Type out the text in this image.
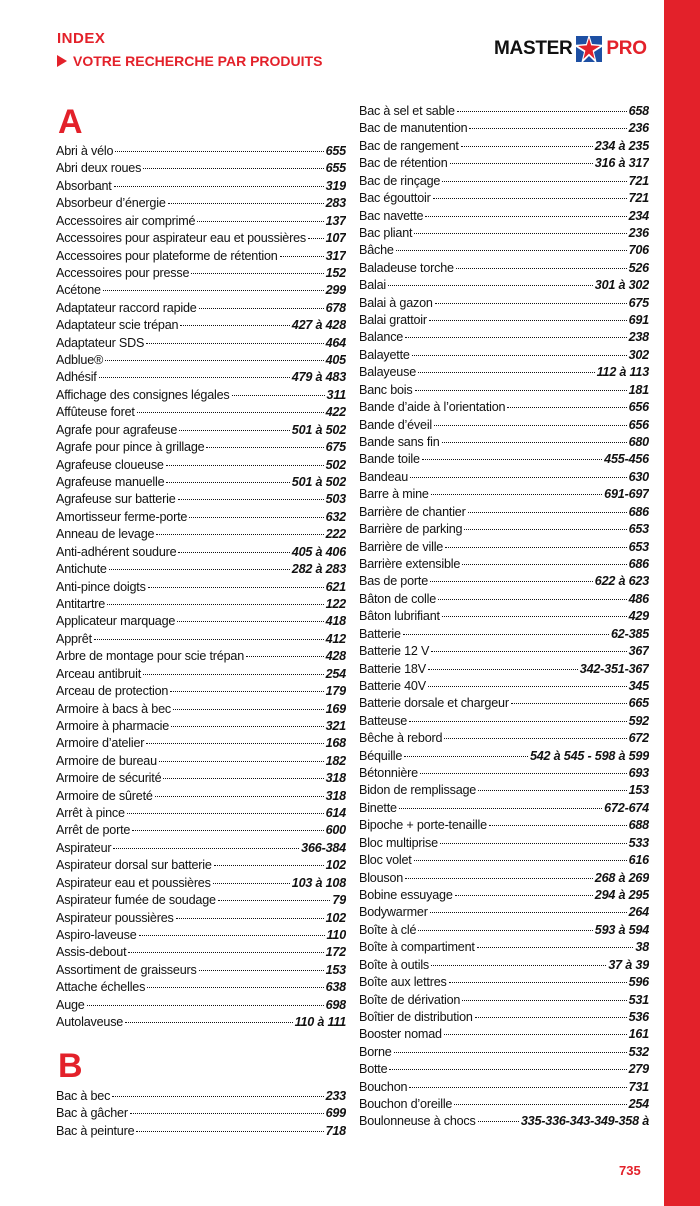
INDEX
VOTRE RECHERCHE PAR PRODUITS
MASTER PRO
A
Abri à vélo	655
Abri deux roues	655
Absorbant	319
Absorbeur d’énergie	283
Accessoires air comprimé	137
Accessoires pour aspirateur eau et poussières 107
Accessoires pour plateforme de rétention	317
Accessoires pour presse	152
Acétone	299
Adaptateur raccord rapide	678
Adaptateur scie trépan	427 à 428
Adaptateur SDS	464
Adblue®	405
Adhésif	479 à 483
Affichage des consignes légales	311
Affûteuse foret	422
Agrafe pour agrafeuse	501 à 502
Agrafe pour pince à grillage	675
Agrafeuse cloueuse	502
Agrafeuse manuelle	501 à 502
Agrafeuse sur batterie	503
Amortisseur ferme-porte	632
Anneau de levage	222
Anti-adhérent soudure	405 à 406
Antichute	282 à 283
Anti-pince doigts	621
Antitartre	122
Applicateur marquage	418
Apprêt	412
Arbre de montage pour scie trépan	428
Arceau antibruit	254
Arceau de protection	179
Armoire à bacs à bec	169
Armoire à pharmacie	321
Armoire d’atelier	168
Armoire de bureau	182
Armoire de sécurité	318
Armoire de sûreté	318
Arrêt à pince	614
Arrêt de porte	600
Aspirateur	366-384
Aspirateur dorsal sur batterie	102
Aspirateur eau et poussières	103 à 108
Aspirateur fumée de soudage	79
Aspirateur poussières	102
Aspiro-laveuse	110
Assis-debout	172
Assortiment de graisseurs	153
Attache échelles	638
Auge	698
Autolaveuse	110 à 111
B
Bac à bec	233
Bac à gâcher	699
Bac à peinture	718
Bac à sel et sable	658
Bac de manutention	236
Bac de rangement	234 à 235
Bac de rétention	316 à 317
Bac de rinçage	721
Bac égouttoir	721
Bac navette	234
Bac pliant	236
Bâche	706
Baladeuse torche	526
Balai	301 à 302
Balai à gazon	675
Balai grattoir	691
Balance	238
Balayette	302
Balayeuse	112 à 113
Banc bois	181
Bande d’aide à l’orientation	656
Bande d’éveil	656
Bande sans fin	680
Bande toile	455-456
Bandeau	630
Barre à mine	691-697
Barrière de chantier	686
Barrière de parking	653
Barrière de ville	653
Barrière extensible	686
Bas de porte	622 à 623
Bâton de colle	486
Bâton lubrifiant	429
Batterie	62-385
Batterie 12 V	367
Batterie 18V	342-351-367
Batterie 40V	345
Batterie dorsale et chargeur	665
Batteuse	592
Bêche à rebord	672
Béquille	542 à 545 - 598 à 599
Bétonnière	693
Bidon de remplissage	153
Binette	672-674
Bipoche + porte-tenaille	688
Bloc multiprise	533
Bloc volet	616
Blouson	268 à 269
Bobine essuyage	294 à 295
Bodywarmer	264
Boîte à clé	593 à 594
Boîte à compartiment	38
Boîte à outils	37 à 39
Boîte aux lettres	596
Boîte de dérivation	531
Boîtier de distribution	536
Booster nomad	161
Borne	532
Botte	279
Bouchon	731
Bouchon d’oreille	254
Boulonneuse à chocs	335-336-343-349-358 à
735
